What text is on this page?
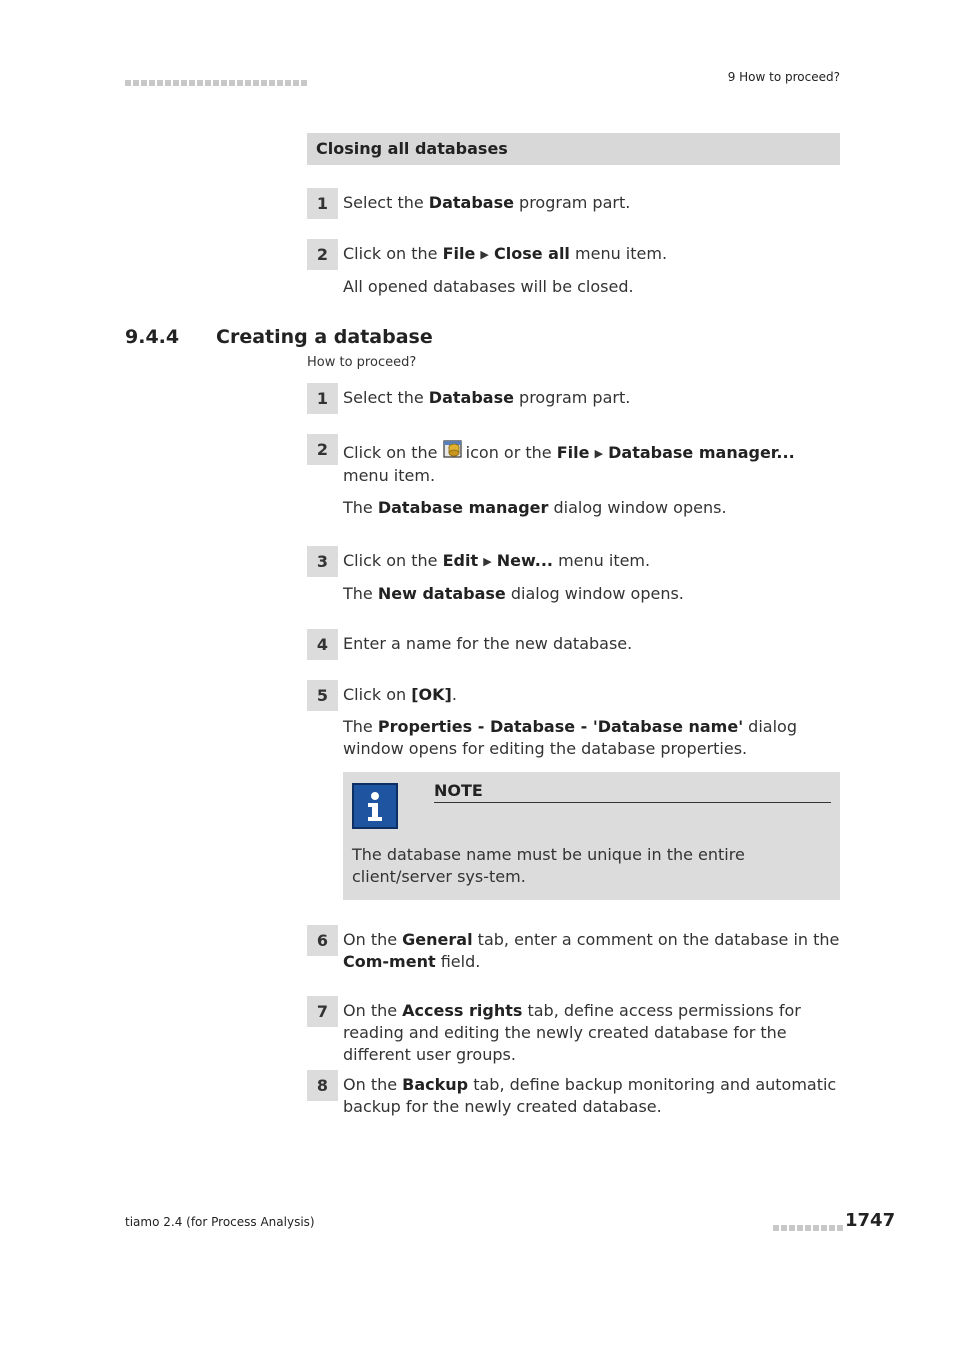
9 How to proceed?
Closing all databases
1 Select the Database program part.
2 Click on the File ▶ Close all menu item.
All opened databases will be closed.
9.4.4 Creating a database
How to proceed?
1 Select the Database program part.
2 Click on the
icon or the File ▶ Database manager... menu item.
The Database manager dialog window opens.
3 Click on the Edit ▶ New... menu item.
The New database dialog window opens.
4 Enter a name for the new database.
5 Click on [OK].
The Properties - Database - 'Database name' dialog window opens for editing the database properties.
NOTE
The database name must be unique in the entire client/server sys-tem.
6 On the General tab, enter a comment on the database in the Com-ment field.
7 On the Access rights tab, define access permissions for reading and editing the newly created database for the different user groups.
8 On the Backup tab, define backup monitoring and automatic backup for the newly created database.
tiamo 2.4 (for Process Analysis)	1747
